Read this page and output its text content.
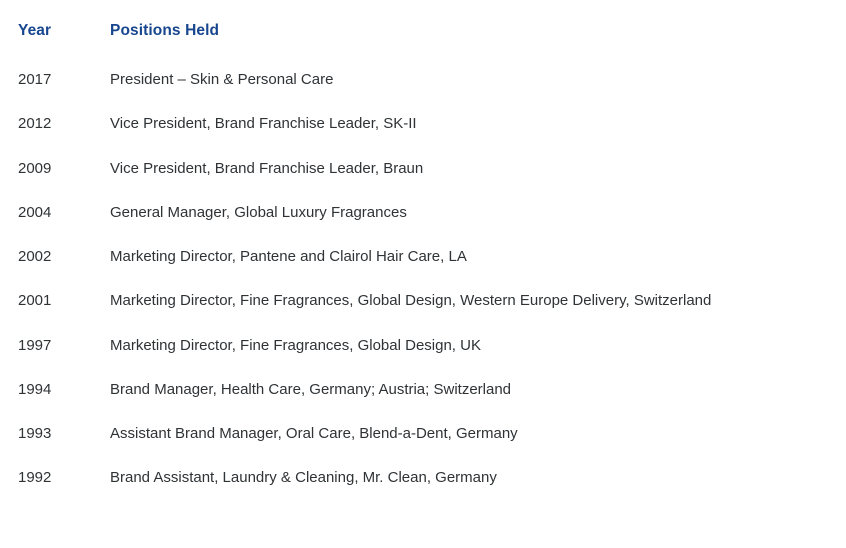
Year	Positions Held
2017	President – Skin & Personal Care
2012	Vice President, Brand Franchise Leader, SK-II
2009	Vice President, Brand Franchise Leader, Braun
2004	General Manager, Global Luxury Fragrances
2002	Marketing Director, Pantene and Clairol Hair Care, LA
2001	Marketing Director, Fine Fragrances, Global Design, Western Europe Delivery, Switzerland
1997	Marketing Director, Fine Fragrances, Global Design, UK
1994	Brand Manager, Health Care, Germany; Austria; Switzerland
1993	Assistant Brand Manager, Oral Care, Blend-a-Dent, Germany
1992	Brand Assistant, Laundry & Cleaning, Mr. Clean, Germany
